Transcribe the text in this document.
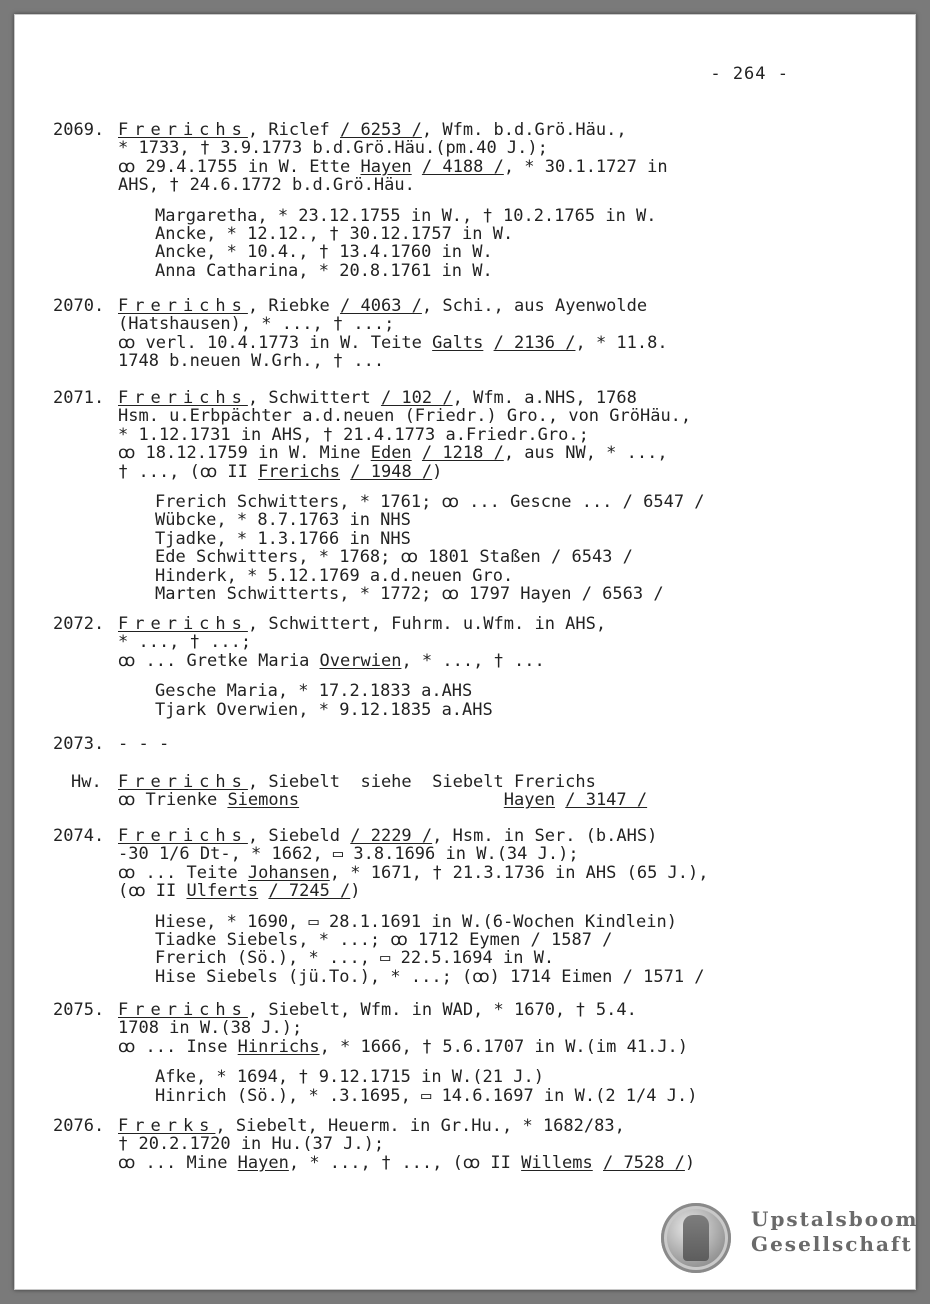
- 264 -
2069. Frerichs, Riclef / 6253 /, Wfm. b.d.Grö.Häu.,
* 1733, † 3.9.1773 b.d.Grö.Häu.(pm.40 J.);
ꝏ 29.4.1755 in W. Ette Hayen / 4188 /, * 30.1.1727 in
AHS, † 24.6.1772 b.d.Grö.Häu.
Margaretha, * 23.12.1755 in W., † 10.2.1765 in W.
Ancke, * 12.12., † 30.12.1757 in W.
Ancke, * 10.4., † 13.4.1760 in W.
Anna Catharina, * 20.8.1761 in W.
2070. Frerichs, Riebke / 4063 /, Schi., aus Ayenwolde
(Hatshausen), * ..., † ...;
ꝏ verl. 10.4.1773 in W. Teite Galts / 2136 /, * 11.8.
1748 b.neuen W.Grh., † ...
2071. Frerichs, Schwittert / 102 /, Wfm. a.NHS, 1768
Hsm. u.Erbpächter a.d.neuen (Friedr.) Gro., von GröHäu.,
* 1.12.1731 in AHS, † 21.4.1773 a.Friedr.Gro.;
ꝏ 18.12.1759 in W. Mine Eden / 1218 /, aus NW, * ...,
† ..., (ꝏ II Frerichs / 1948 /)
Frerich Schwitters, * 1761; ꝏ ... Gescne ... / 6547 /
Wübcke, * 8.7.1763 in NHS
Tjadke, * 1.3.1766 in NHS
Ede Schwitters, * 1768; ꝏ 1801 Staßen / 6543 /
Hinderk, * 5.12.1769 a.d.neuen Gro.
Marten Schwitterts, * 1772; ꝏ 1797 Hayen / 6563 /
2072. Frerichs, Schwittert, Fuhrm. u.Wfm. in AHS,
* ..., † ...;
ꝏ ... Gretke Maria Overwien, * ..., † ...
Gesche Maria, * 17.2.1833 a.AHS
Tjark Overwien, * 9.12.1835 a.AHS
2073. - - -
Hw. Frerichs, Siebelt  siehe  Siebelt Frerichs
ꝏ Trienke Siemons	Hayen / 3147 /
2074. Frerichs, Siebeld / 2229 /, Hsm. in Ser. (b.AHS)
-30 1/6 Dt-, * 1662, ▭ 3.8.1696 in W.(34 J.);
ꝏ ... Teite Johansen, * 1671, † 21.3.1736 in AHS (65 J.),
(ꝏ II Ulferts / 7245 /)
Hiese, * 1690, ▭ 28.1.1691 in W.(6-Wochen Kindlein)
Tiadke Siebels, * ...; ꝏ 1712 Eymen / 1587 /
Frerich (Sö.), * ..., ▭ 22.5.1694 in W.
Hise Siebels (jü.To.), * ...; (ꝏ) 1714 Eimen / 1571 /
2075. Frerichs, Siebelt, Wfm. in WAD, * 1670, † 5.4.
1708 in W.(38 J.);
ꝏ ... Inse Hinrichs, * 1666, † 5.6.1707 in W.(im 41.J.)
Afke, * 1694, † 9.12.1715 in W.(21 J.)
Hinrich (Sö.), * .3.1695, ▭ 14.6.1697 in W.(2 1/4 J.)
2076. Frerks, Siebelt, Heuerm. in Gr.Hu., * 1682/83,
† 20.2.1720 in Hu.(37 J.);
ꝏ ... Mine Hayen, * ..., † ..., (ꝏ II Willems / 7528 /)
Upstalsboom
Gesellschaft
